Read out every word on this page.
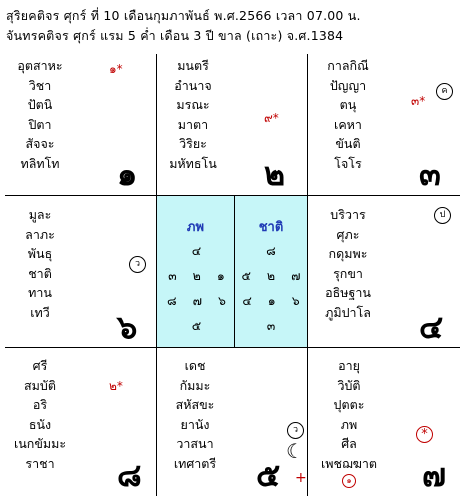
สุริยคติจร ศุกร์ ที่ 10 เดือนกุมภาพันธ์ พ.ศ.2566 เวลา 07.00 น.
จันทรคติจร ศุกร์ แรม 5 ค่ำ เดือน 3 ปี ขาล (เถาะ) จ.ศ.1384
อุตสาหะ
วิชา
ปัตนิ
ปิตา
สัจจะ
ทลิทโท
๑*
๑
มนตรี
อำนาจ
มรณะ
มาตา
วิริยะ
มหัทธโน
๙*
๒
กาลกิณี
ปัญญา
ตนุ
เคหา
ขันติ
โจโร
๓*
ค
๓
มูละ
ลาภะ
พันธุ
ชาติ
ทาน
เทวี
ว
๖
ภพ
๔
๓ ๒ ๑
๘ ๗ ๖
๕
ชาติ
๘
๕ ๒ ๗
๔ ๑ ๖
๓
บริวาร
ศุภะ
กดุมพะ
รุกขา
อธิษฐาน
ภูมิปาโล
ป
๔
ศรี
สมบัติ
อริ
ธนัง
เนกขัมมะ
ราชา
๒*
๘
เดช
กัมมะ
สหัสขะ
ยานัง
วาสนา
เทศาตรี
ว
☾
๕ +
อายุ
วิบัติ
ปุตตะ
ภพ
ศีล
เพชฌฆาต
*
๑ ๗
